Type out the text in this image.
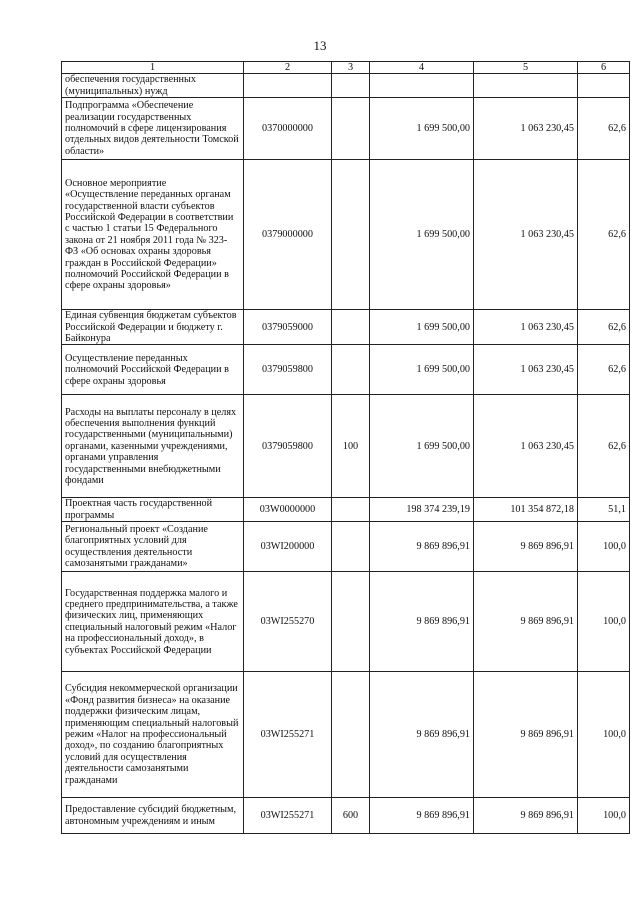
13
1	2	3	4	5	6
обеспечения государственных (муниципальных) нужд					
Подпрограмма «Обеспечение реализации государственных полномочий в сфере лицензирования отдельных видов деятельности Томской области»	0370000000		1 699 500,00	1 063 230,45	62,6
Основное мероприятие «Осуществление переданных органам государственной власти субъектов Российской Федерации в соответствии с частью 1 статьи 15 Федерального закона от 21 ноября 2011 года № 323-ФЗ «Об основах охраны здоровья граждан в Российской Федерации» полномочий Российской Федерации в сфере охраны здоровья»	0379000000		1 699 500,00	1 063 230,45	62,6
Единая субвенция бюджетам субъектов Российской Федерации и бюджету г. Байконура	0379059000		1 699 500,00	1 063 230,45	62,6
Осуществление переданных полномочий Российской Федерации в сфере охраны здоровья	0379059800		1 699 500,00	1 063 230,45	62,6
Расходы на выплаты персоналу в целях обеспечения выполнения функций государственными (муниципальными) органами, казенными учреждениями, органами управления государственными внебюджетными фондами	0379059800	100	1 699 500,00	1 063 230,45	62,6
Проектная часть государственной программы	03W0000000		198 374 239,19	101 354 872,18	51,1
Региональный проект «Создание благоприятных условий для осуществления деятельности самозанятыми гражданами»	03WI200000		9 869 896,91	9 869 896,91	100,0
Государственная поддержка малого и среднего предпринимательства, а также физических лиц, применяющих специальный налоговый режим «Налог на профессиональный доход», в субъектах Российской Федерации	03WI255270		9 869 896,91	9 869 896,91	100,0
Субсидия некоммерческой организации «Фонд развития бизнеса» на оказание поддержки физическим лицам, применяющим специальный налоговый режим «Налог на профессиональный доход», по созданию благоприятных условий для осуществления деятельности самозанятыми гражданами	03WI255271		9 869 896,91	9 869 896,91	100,0
Предоставление субсидий бюджетным, автономным учреждениям и иным	03WI255271	600	9 869 896,91	9 869 896,91	100,0
